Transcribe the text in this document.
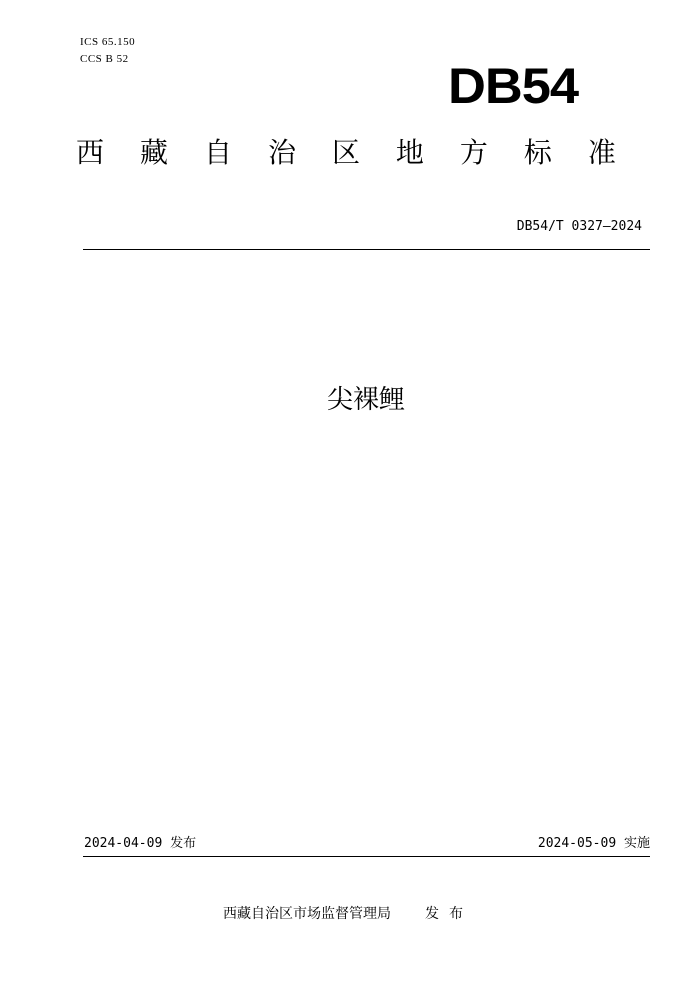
ICS 65.150
CCS B 52	DB54
西 藏 自 治 区 地 方 标 准
DB54/T 0327—2024
尖裸鲤
2024-04-09 发布	2024-05-09 实施
西藏自治区市场监督管理局 发布
